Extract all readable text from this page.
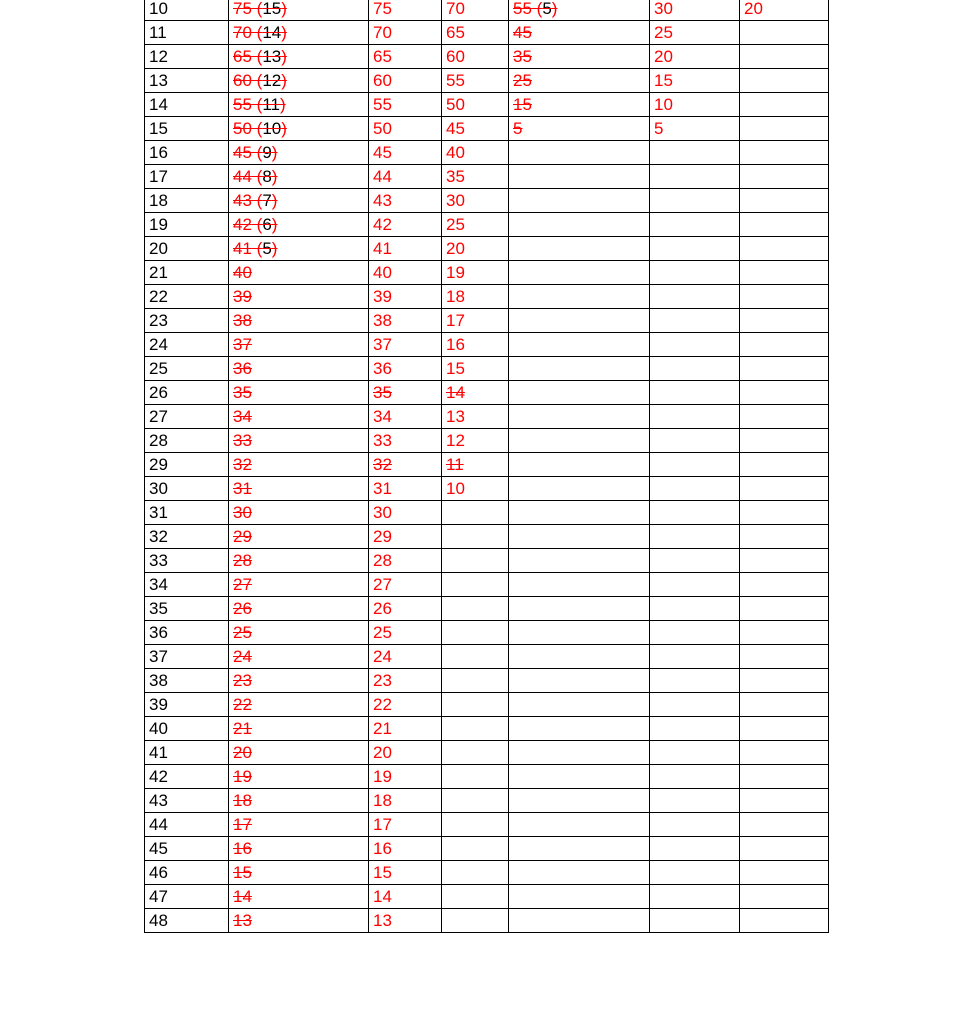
10	75 (15)	75	70	55 (5)	30	20
11	70 (14)	70	65	45	25	
12	65 (13)	65	60	35	20	
13	60 (12)	60	55	25	15	
14	55 (11)	55	50	15	10	
15	50 (10)	50	45	5	5	
16	45 (9)	45	40			
17	44 (8)	44	35			
18	43 (7)	43	30			
19	42 (6)	42	25			
20	41 (5)	41	20			
21	40	40	19			
22	39	39	18			
23	38	38	17			
24	37	37	16			
25	36	36	15			
26	35	35	14			
27	34	34	13			
28	33	33	12			
29	32	32	11			
30	31	31	10			
31	30	30				
32	29	29				
33	28	28				
34	27	27				
35	26	26				
36	25	25				
37	24	24				
38	23	23				
39	22	22				
40	21	21				
41	20	20				
42	19	19				
43	18	18				
44	17	17				
45	16	16				
46	15	15				
47	14	14				
48	13	13				
